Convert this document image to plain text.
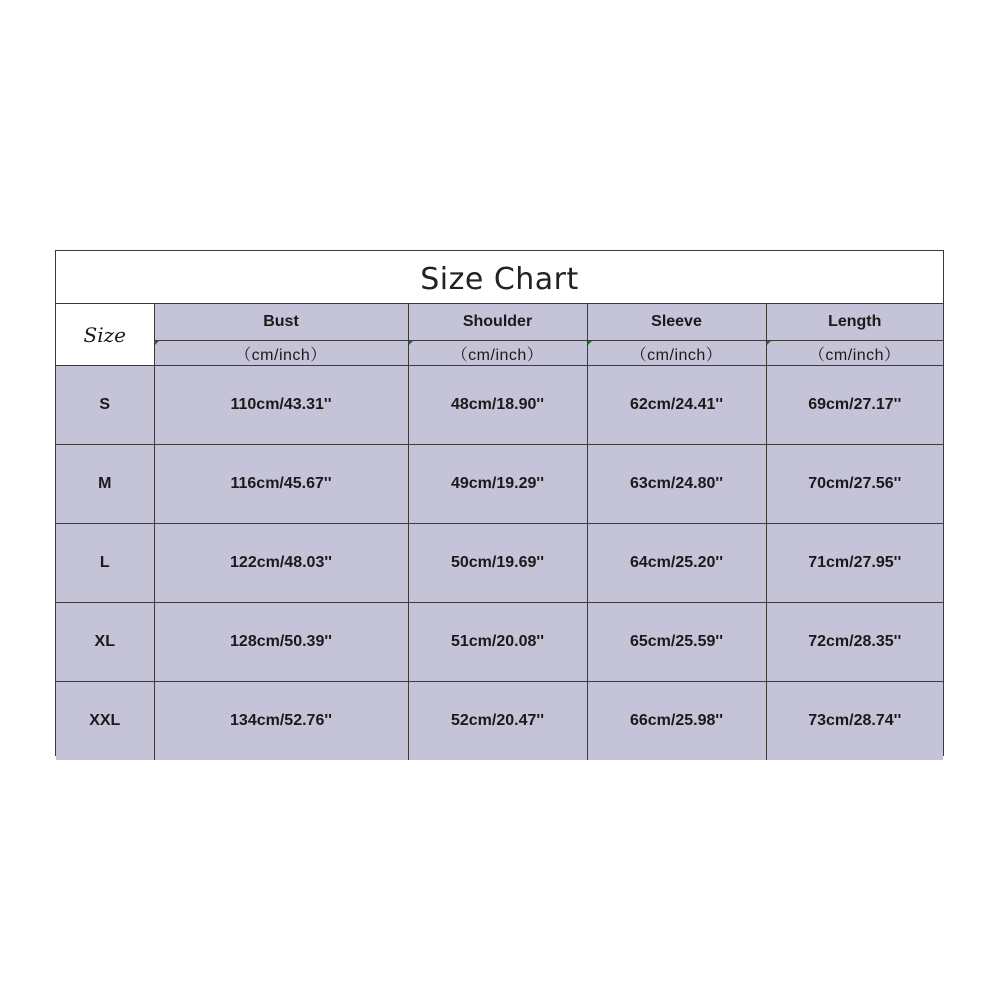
Size Chart
Size	Bust	Shoulder	Sleeve	Length
	（cm/inch）	（cm/inch）	（cm/inch）	（cm/inch）
S	110cm/43.31''	48cm/18.90''	62cm/24.41''	69cm/27.17''
M	116cm/45.67''	49cm/19.29''	63cm/24.80''	70cm/27.56''
L	122cm/48.03''	50cm/19.69''	64cm/25.20''	71cm/27.95''
XL	128cm/50.39''	51cm/20.08''	65cm/25.59''	72cm/28.35''
XXL	134cm/52.76''	52cm/20.47''	66cm/25.98''	73cm/28.74''
